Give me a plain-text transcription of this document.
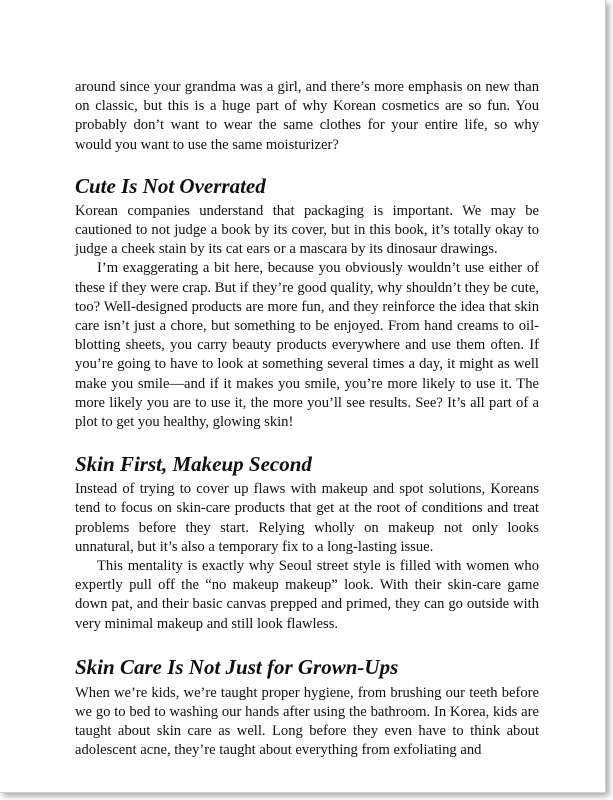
around since your grandma was a girl, and there’s more emphasis on new than on classic, but this is a huge part of why Korean cosmetics are so fun. You probably don’t want to wear the same clothes for your entire life, so why would you want to use the same moisturizer?

Cute Is Not Overrated

Korean companies understand that packaging is important. We may be cautioned to not judge a book by its cover, but in this book, it’s totally okay to judge a cheek stain by its cat ears or a mascara by its dinosaur drawings.

I’m exaggerating a bit here, because you obviously wouldn’t use either of these if they were crap. But if they’re good quality, why shouldn’t they be cute, too? Well-designed products are more fun, and they reinforce the idea that skin care isn’t just a chore, but something to be enjoyed. From hand creams to oil-blotting sheets, you carry beauty products everywhere and use them often. If you’re going to have to look at something several times a day, it might as well make you smile—and if it makes you smile, you’re more likely to use it. The more likely you are to use it, the more you’ll see results. See? It’s all part of a plot to get you healthy, glowing skin!

Skin First, Makeup Second

Instead of trying to cover up flaws with makeup and spot solutions, Koreans tend to focus on skin-care products that get at the root of conditions and treat problems before they start. Relying wholly on makeup not only looks unnatural, but it’s also a temporary fix to a long-lasting issue.

This mentality is exactly why Seoul street style is filled with women who expertly pull off the “no makeup makeup” look. With their skin-care game down pat, and their basic canvas prepped and primed, they can go outside with very minimal makeup and still look flawless.

Skin Care Is Not Just for Grown-Ups

When we’re kids, we’re taught proper hygiene, from brushing our teeth before we go to bed to washing our hands after using the bathroom. In Korea, kids are taught about skin care as well. Long before they even have to think about adolescent acne, they’re taught about everything from exfoliating and
